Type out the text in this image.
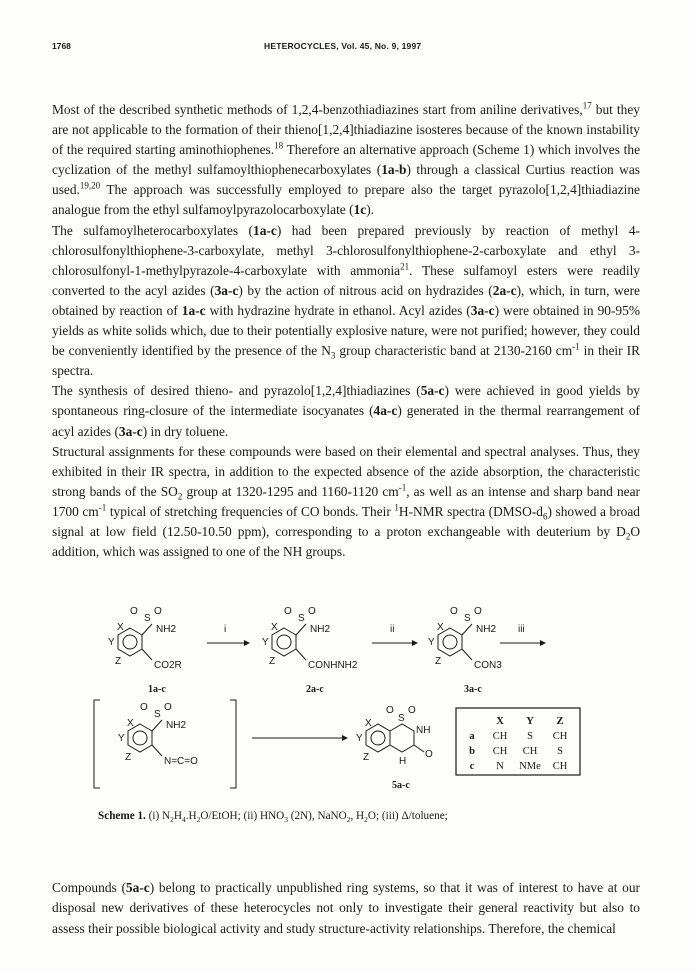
1768	HETEROCYCLES, Vol. 45, No. 9, 1997

Most of the described synthetic methods of 1,2,4-benzothiadiazines start from aniline derivatives,$^{17}$ but they are not applicable to the formation of their thieno[1,2,4]thiadiazine isosteres because of the known instability of the required starting aminothiophenes.$^{18}$ Therefore an alternative approach (Scheme 1) which involves the cyclization of the methyl sulfamoylthiophenecarboxylates (1a-b) through a classical Curtius reaction was used.$^{19,20}$ The approach was successfully employed to prepare also the target pyrazolo[1,2,4]thiadiazine analogue from the ethyl sulfamoylpyrazolocarboxylate (1c).

The sulfamoylheterocarboxylates (1a-c) had been prepared previously by reaction of methyl 4-chlorosulfonylthiophene-3-carboxylate, methyl 3-chlorosulfonylthiophene-2-carboxylate and ethyl 3-chlorosulfonyl-1-methylpyrazole-4-carboxylate with ammonia$^{21}$. These sulfamoyl esters were readily converted to the acyl azides (3a-c) by the action of nitrous acid on hydrazides (2a-c), which, in turn, were obtained by reaction of 1a-c with hydrazine hydrate in ethanol. Acyl azides (3a-c) were obtained in 90-95% yields as white solids which, due to their potentially explosive nature, were not purified; however, they could be conveniently identified by the presence of the $N_3$ group characteristic band at 2130-2160 $cm^{-1}$ in their IR spectra.

The synthesis of desired thieno- and pyrazolo[1,2,4]thiadiazines (5a-c) were achieved in good yields by spontaneous ring-closure of the intermediate isocyanates (4a-c) generated in the thermal rearrangement of acyl azides (3a-c) in dry toluene.

Structural assignments for these compounds were based on their elemental and spectral analyses. Thus, they exhibited in their IR spectra, in addition to the expected absence of the azide absorption, the characteristic strong bands of the $SO_2$ group at 1320-1295 and 1160-1120 $cm^{-1}$, as well as an intense and sharp band near 1700 $cm^{-1}$ typical of stretching frequencies of CO bonds. Their $^1$H-NMR spectra $(DMSO-d_6)$ showed a broad signal at low field (12.50-10.50 ppm), corresponding to a proton exchangeable with deuterium by $D_2O$ addition, which was assigned to one of the NH groups.

S
O O
NH2
CO2R
X
Y
Z
i
S
O O
NH2
CONHNH2
X
Y
Z
ii
S
O O
NH2
CON3
X
Y
Z
iii
1a-c	2a-c	3a-c
S
O O
NH2
N=C=O
X
Y
Z
S
O O
NH
O
H
X
Y
Z
5a-c
X Y Z
a CH S CH
b CH CH S
c N NMe CH
Scheme 1. (i) $N_2H_4.H_2O$/EtOH; (ii) $HNO_3$ (2N), NaNO$_2$, $H_2O$; (iii) Δ/toluene;

Compounds (5a-c) belong to practically unpublished ring systems, so that it was of interest to have at our disposal new derivatives of these heterocycles not only to investigate their general reactivity but also to assess their possible biological activity and study structure-activity relationships. Therefore, the chemical
